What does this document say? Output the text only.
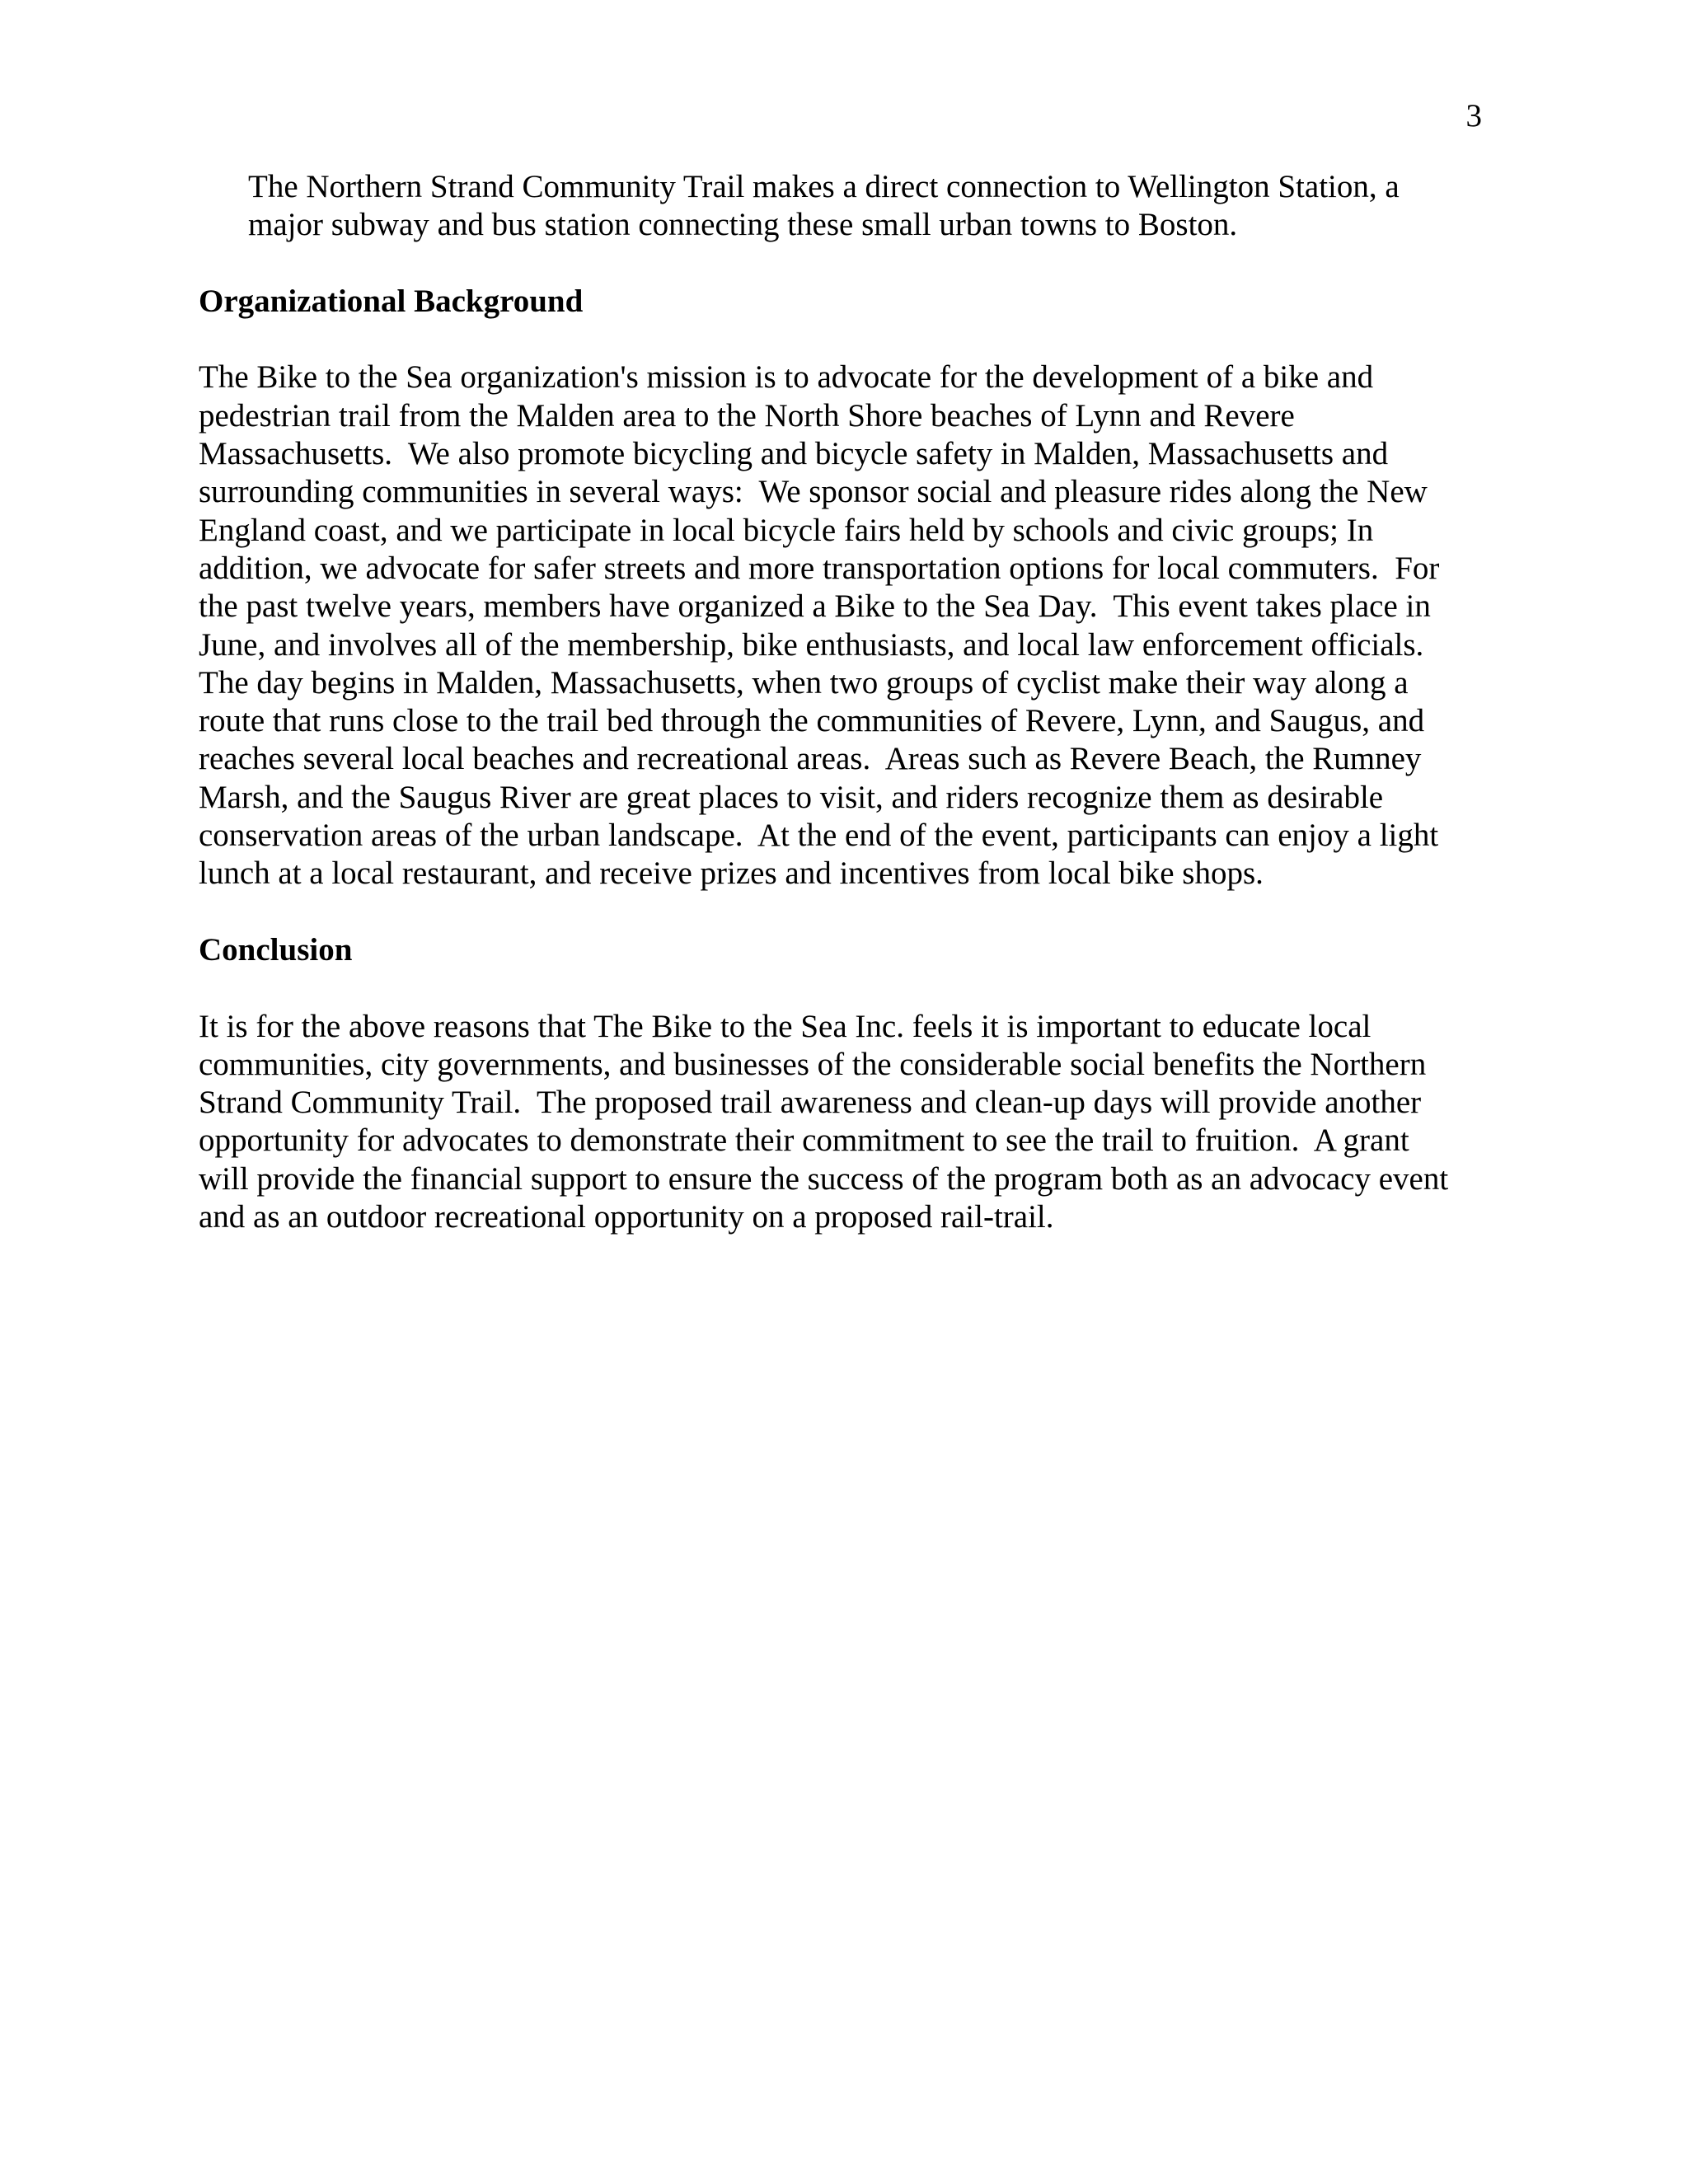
3
The Northern Strand Community Trail makes a direct connection to Wellington Station, a
major subway and bus station connecting these small urban towns to Boston.
Organizational Background
The Bike to the Sea organization's mission is to advocate for the development of a bike and
pedestrian trail from the Malden area to the North Shore beaches of Lynn and Revere
Massachusetts.  We also promote bicycling and bicycle safety in Malden, Massachusetts and
surrounding communities in several ways:  We sponsor social and pleasure rides along the New
England coast, and we participate in local bicycle fairs held by schools and civic groups; In
addition, we advocate for safer streets and more transportation options for local commuters.  For
the past twelve years, members have organized a Bike to the Sea Day.  This event takes place in
June, and involves all of the membership, bike enthusiasts, and local law enforcement officials.
The day begins in Malden, Massachusetts, when two groups of cyclist make their way along a
route that runs close to the trail bed through the communities of Revere, Lynn, and Saugus, and
reaches several local beaches and recreational areas.  Areas such as Revere Beach, the Rumney
Marsh, and the Saugus River are great places to visit, and riders recognize them as desirable
conservation areas of the urban landscape.  At the end of the event, participants can enjoy a light
lunch at a local restaurant, and receive prizes and incentives from local bike shops.
Conclusion
It is for the above reasons that The Bike to the Sea Inc. feels it is important to educate local
communities, city governments, and businesses of the considerable social benefits the Northern
Strand Community Trail.  The proposed trail awareness and clean-up days will provide another
opportunity for advocates to demonstrate their commitment to see the trail to fruition.  A grant
will provide the financial support to ensure the success of the program both as an advocacy event
and as an outdoor recreational opportunity on a proposed rail-trail.
